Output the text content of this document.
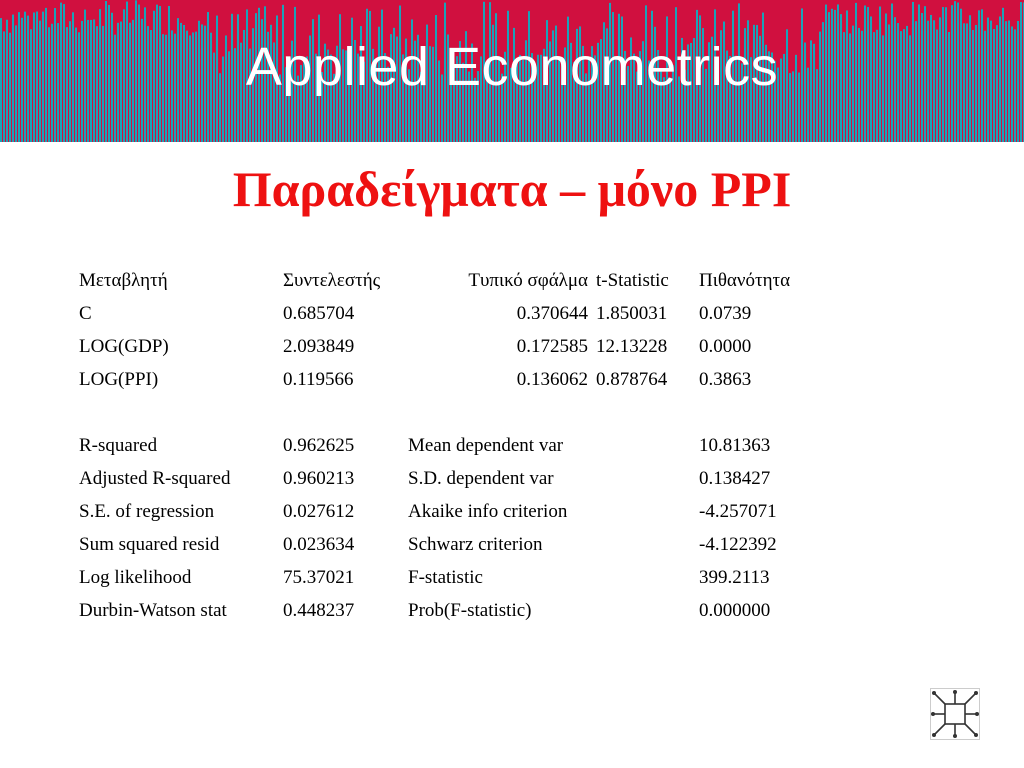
Applied Econometrics
Παραδείγματα – μόνο PPI
Μεταβλητή	Συντελεστής	Τυπικό σφάλμα	t-Statistic	Πιθανότητα
C	0.685704	0.370644	1.850031	0.0739
LOG(GDP)	2.093849	0.172585	12.13228	0.0000
LOG(PPI)	0.119566	0.136062	0.878764	0.3863

R-squared	0.962625	Mean dependent var		10.81363
Adjusted R-squared	0.960213	S.D. dependent var		0.138427
S.E. of regression	0.027612	Akaike info criterion		-4.257071
Sum squared resid	0.023634	Schwarz criterion		-4.122392
Log likelihood	75.37021	F-statistic		399.2113
Durbin-Watson stat	0.448237	Prob(F-statistic)		0.000000
